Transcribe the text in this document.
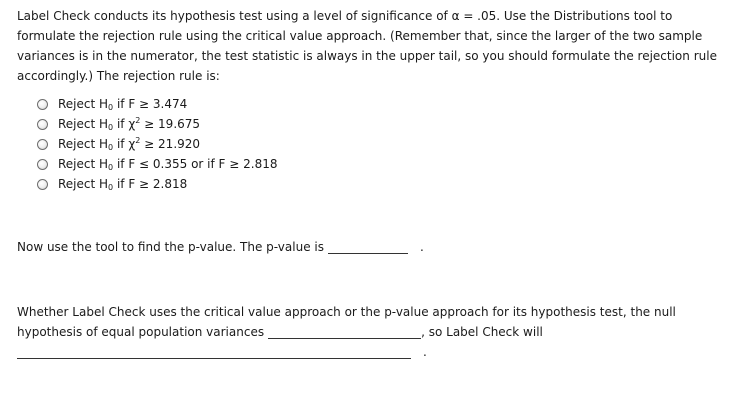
Label Check conducts its hypothesis test using a level of significance of α = .05. Use the Distributions tool to formulate the rejection rule using the critical value approach. (Remember that, since the larger of the two sample variances is in the numerator, the test statistic is always in the upper tail, so you should formulate the rejection rule accordingly.) The rejection rule is:

Reject $H_0$ if F ≥ 3.474
Reject $H_0$ if $\chi^2 \ge 19.675$
Reject $H_0$ if $\chi^2 \ge 21.920$
Reject $H_0$ if F ≤ 0.355 or if F ≥ 2.818
Reject $H_0$ if F ≥ 2.818
Now use the tool to find the p-value. The p-value is	.
Whether Label Check uses the critical value approach or the p-value approach for its hypothesis test, the null hypothesis of equal population variances	, so Label Check will
.
